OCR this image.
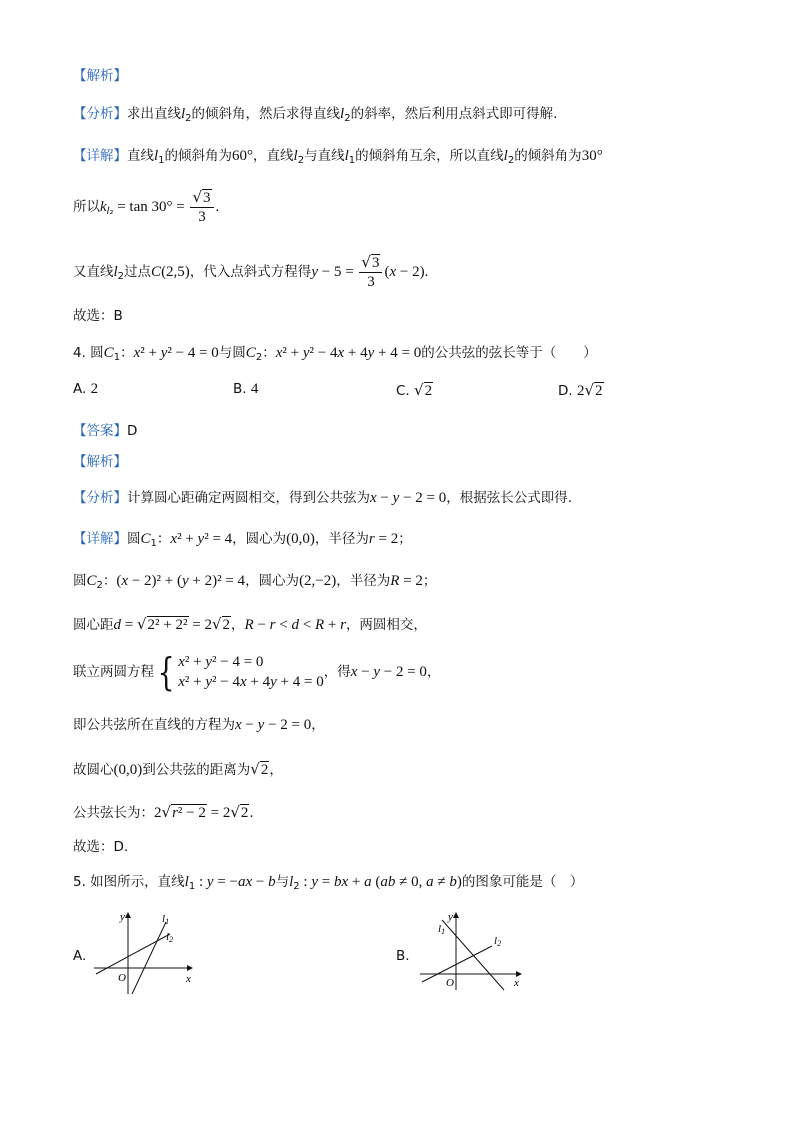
【解析】
【分析】求出直线$l_2$的倾斜角，然后求得直线$l_2$的斜率，然后利用点斜式即可得解.
【详解】直线$l_1$的倾斜角为60°，直线$l_2$与直线$l_1$的倾斜角互余，所以直线$l_2$的倾斜角为30°
所以$k_{l_2} = \tan 30^\circ = \frac{√3}{3}$ .
又直线$l_2$过点C(2,5)，代入点斜式方程得$y - 5 = \frac{√3}{3} (x - 2)$.
故选：B
4. 圆$C_1$：x² + y² − 4 = 0与圆$C_2$：x² + y² − 4x + 4y + 4 = 0的公共弦的弦长等于（　　）
A. 2	B. 4	C. √2	D. 2√2
【答案】D
【解析】
【分析】计算圆心距确定两圆相交，得到公共弦为x − y − 2 = 0，根据弦长公式即得.
【详解】圆$C_1$：x² + y² = 4，圆心为(0,0)，半径为r = 2；
圆$C_2$：(x − 2)² + (y + 2)² = 4，圆心为(2,−2)，半径为R = 2；
圆心距d = √2² + 2² = 2√2，R − r < d < R + r，两圆相交，
联立两圆方程 { x² + y² − 4 = 0
x² + y² − 4x + 4y + 4 = 0
，得x − y − 2 = 0，
即公共弦所在直线的方程为x − y − 2 = 0，
故圆心(0,0)到公共弦的距离为√2，
公共弦长为：2√r² − 2 = 2√2.
故选：D.
5. 如图所示，直线$l_1$ : y = −ax − b与$l_2$ : y = bx + a (ab ≠ 0, a ≠ b)的图象可能是（　）
A.
y
x
O
l1
l2
B.
y
x
O
l1
l2
